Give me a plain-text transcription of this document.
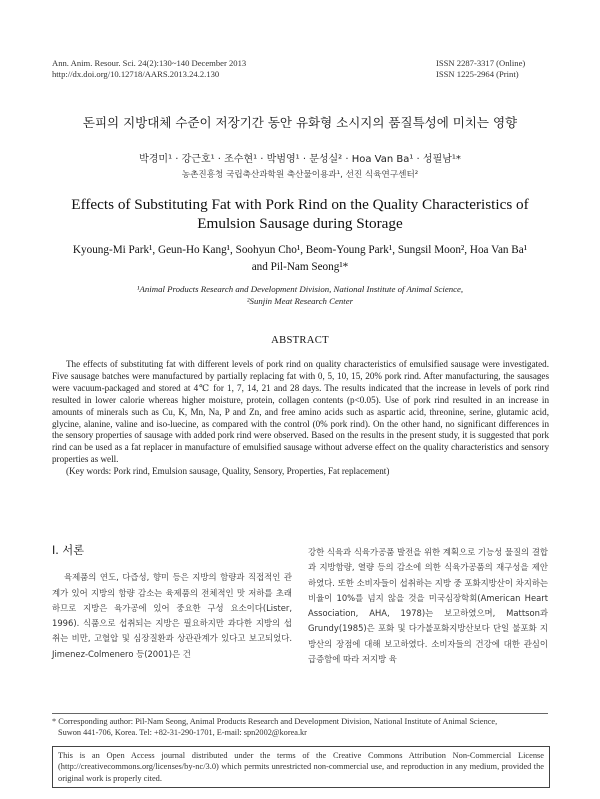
Ann. Anim. Resour. Sci. 24(2):130~140 December 2013
http://dx.doi.org/10.12718/AARS.2013.24.2.130
ISSN 2287-3317 (Online)
ISSN 1225-2964 (Print)
돈피의 지방대체 수준이 저장기간 동안 유화형 소시지의 품질특성에 미치는 영향
박경미¹ · 강근호¹ · 조수현¹ · 박범영¹ · 문성실² · Hoa Van Ba¹ · 성필남¹*
농촌진흥청 국립축산과학원 축산물이용과¹, 선진 식육연구센터²
Effects of Substituting Fat with Pork Rind on the Quality Characteristics of
Emulsion Sausage during Storage
Kyoung-Mi Park¹, Geun-Ho Kang¹, Soohyun Cho¹, Beom-Young Park¹, Sungsil Moon², Hoa Van Ba¹
and Pil-Nam Seong¹*
¹Animal Products Research and Development Division, National Institute of Animal Science,
²Sunjin Meat Research Center
ABSTRACT

The effects of substituting fat with different levels of pork rind on quality characteristics of emulsified sausage were investigated. Five sausage batches were manufactured by partially replacing fat with 0, 5, 10, 15, 20% pork rind. After manufacturing, the sausages were vacuum-packaged and stored at 4℃ for 1, 7, 14, 21 and 28 days. The results indicated that the increase in levels of pork rind resulted in lower calorie whereas higher moisture, protein, collagen contents (p<0.05). Use of pork rind resulted in an increase in amounts of minerals such as Cu, K, Mn, Na, P and Zn, and free amino acids such as aspartic acid, threonine, serine, glutamic acid, glycine, alanine, valine and iso-luecine, as compared with the control (0% pork rind). On the other hand, no significant differences in the sensory properties of sausage with added pork rind were observed. Based on the results in the present study, it is suggested that pork rind can be used as a fat replacer in manufacture of emulsified sausage without adverse effect on the quality characteristics and sensory properties as well.

(Key words: Pork rind, Emulsion sausage, Quality, Sensory, Properties, Fat replacement)

Ⅰ. 서론

육제품의 연도, 다즙성, 향미 등은 지방의 함량과 직접적인 관계가 있어 지방의 함량 감소는 육제품의 전체적인 맛 저하를 초래하므로 지방은 육가공에 있어 중요한 구성 요소이다(Lister, 1996). 식품으로 섭취되는 지방은 필요하지만 과다한 지방의 섭취는 비만, 고혈압 및 심장질환과 상관관계가 있다고 보고되었다. Jimenez-Colmenero 등(2001)은 건

강한 식육과 식육가공품 발전을 위한 계획으로 기능성 물질의 결합과 지방함량, 열량 등의 감소에 의한 식육가공품의 재구성을 제안하였다. 또한 소비자들이 섭취하는 지방 중 포화지방산이 차지하는 비율이 10%를 넘지 않을 것을 미국심장학회(American Heart Association, AHA, 1978)는 보고하였으며, Mattson과 Grundy(1985)은 포화 및 다가불포화지방산보다 단일 불포화 지방산의 장점에 대해 보고하였다. 소비자들의 건강에 대한 관심이 급증함에 따라 저지방 육

* Corresponding author: Pil-Nam Seong, Animal Products Research and Development Division, National Institute of Animal Science,
Suwon 441-706, Korea. Tel: +82-31-290-1701, E-mail: spn2002@korea.kr
This is an Open Access journal distributed under the terms of the Creative Commons Attribution Non-Commercial License (http://creativecommons.org/licenses/by-nc/3.0) which permits unrestricted non-commercial use, and reproduction in any medium, provided the original work is properly cited.
